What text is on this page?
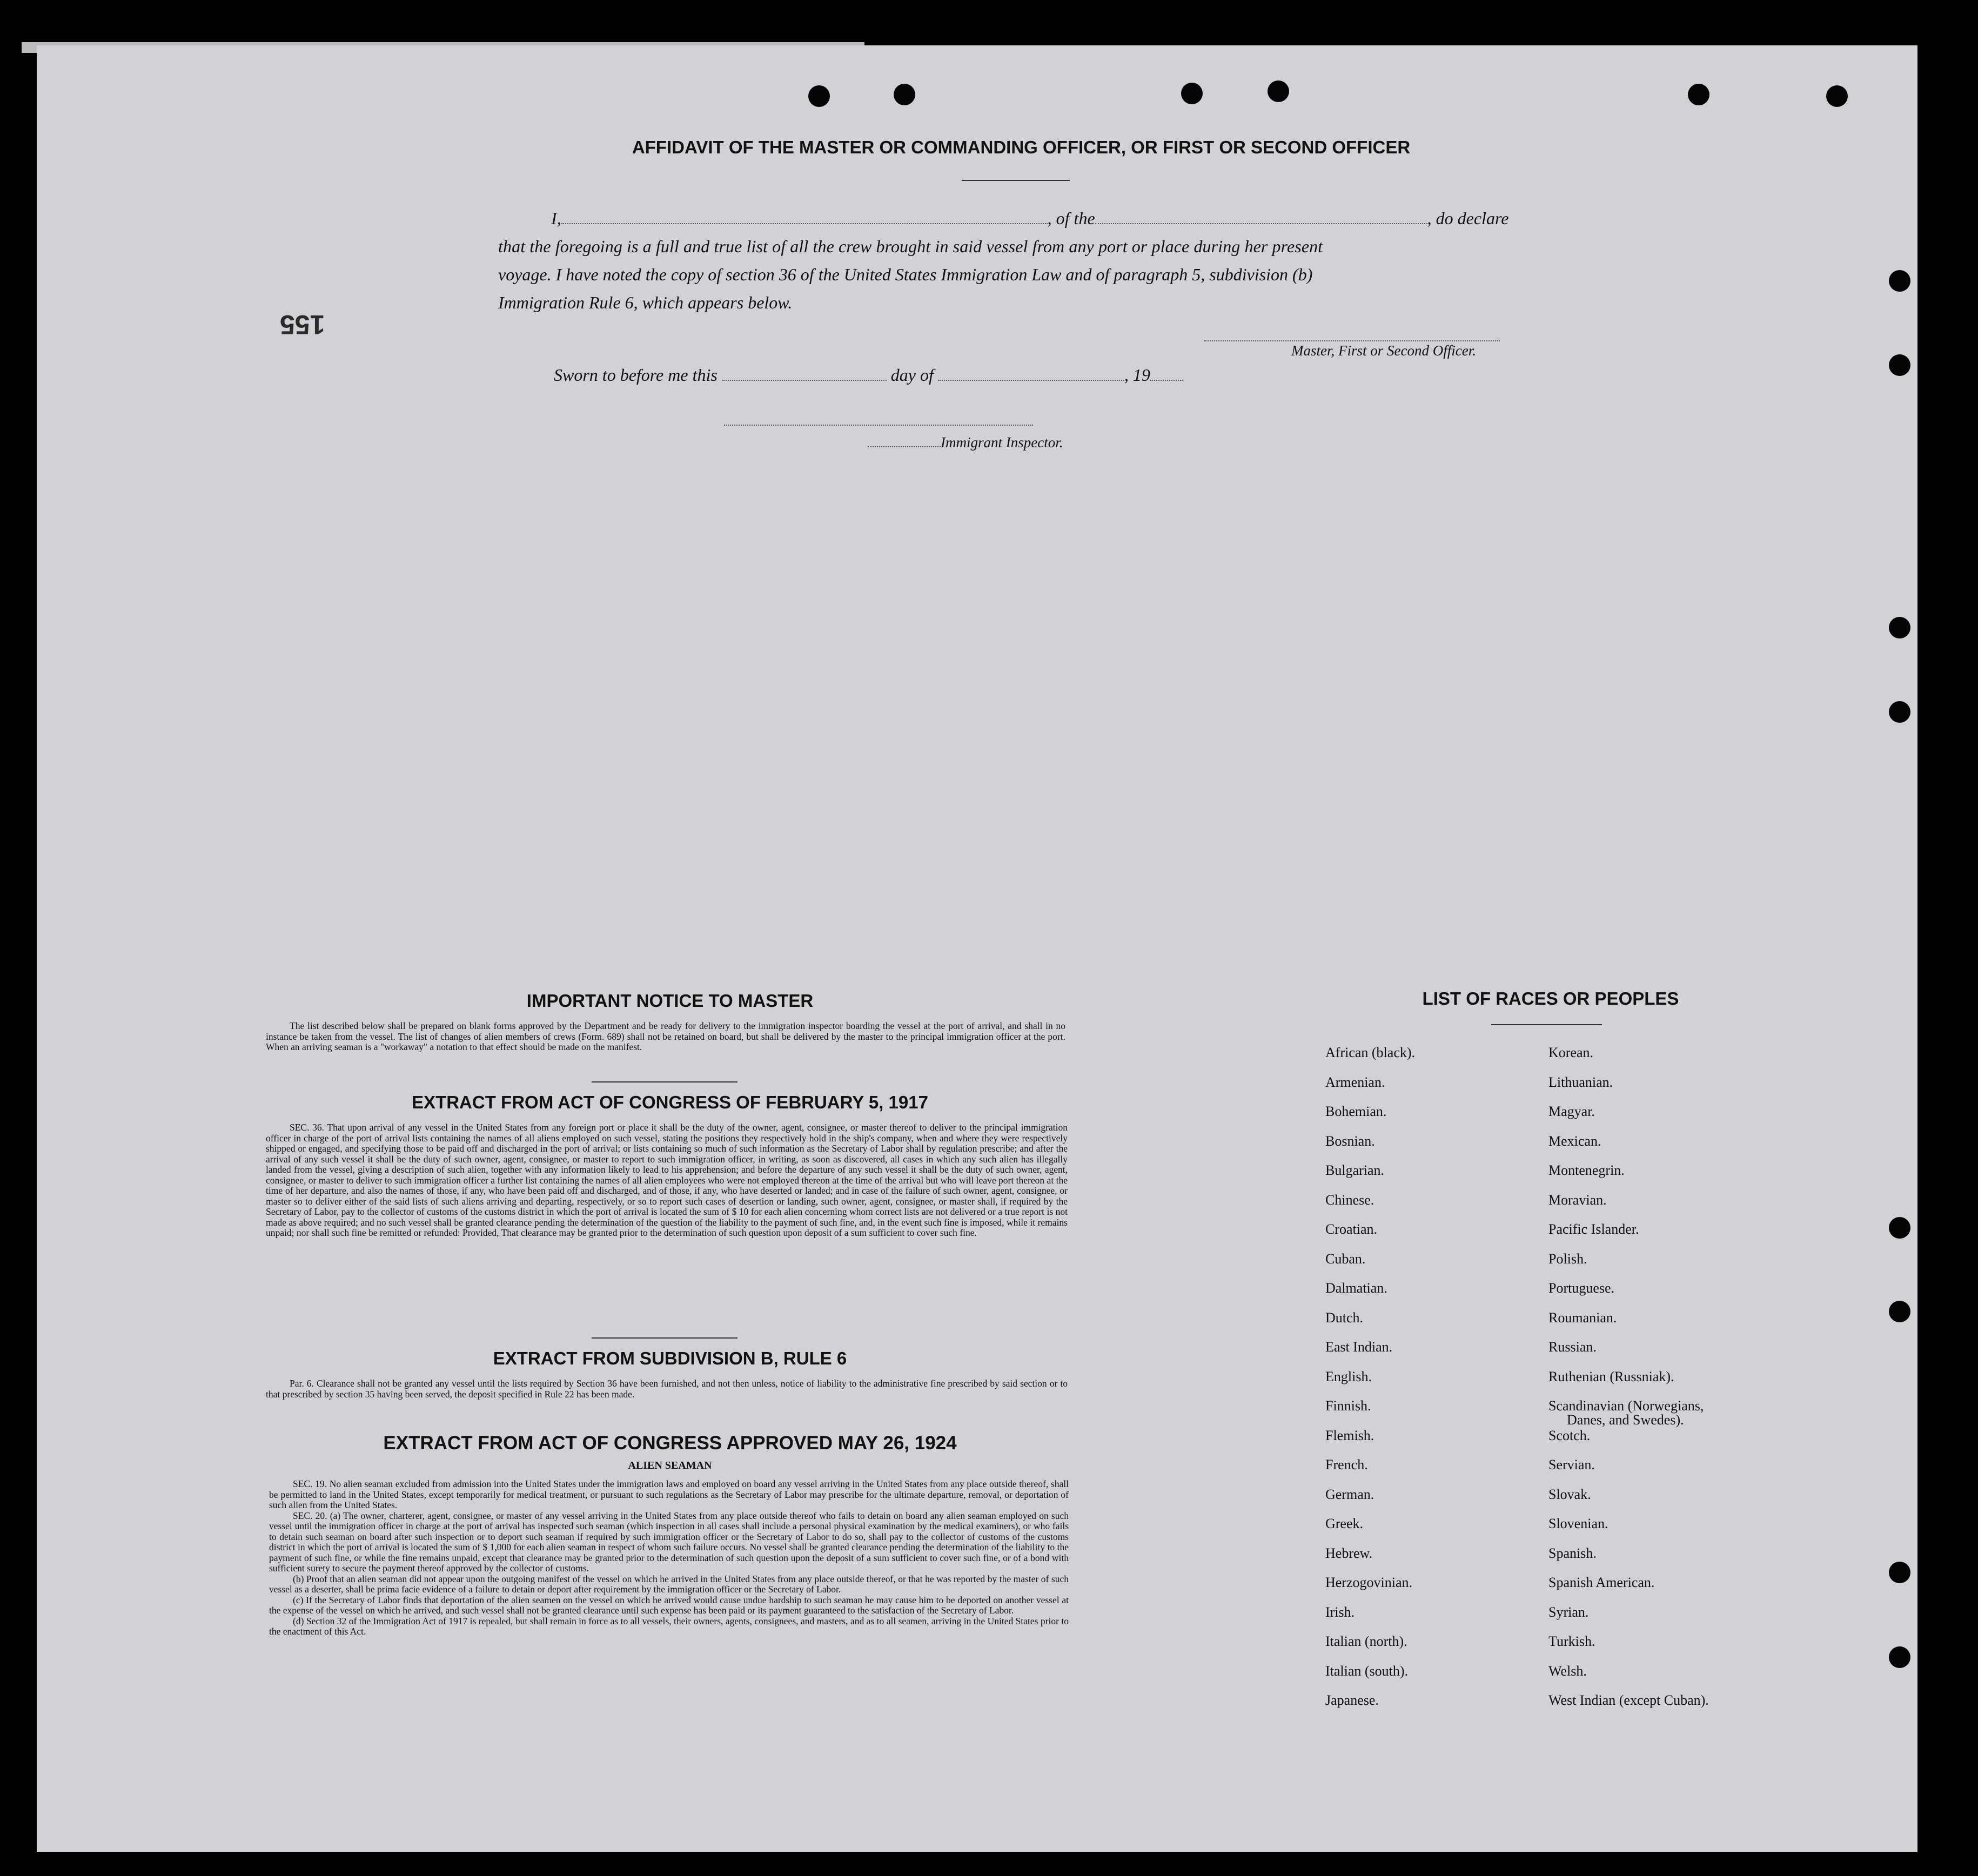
155
AFFIDAVIT OF THE MASTER OR COMMANDING OFFICER, OR FIRST OR SECOND OFFICER
I,	, of the	, do declare
that the foregoing is a full and true list of all the crew brought in said vessel from any port or place during her present
voyage. I have noted the copy of section 36 of the United States Immigration Law and of paragraph 5, subdivision (b)
Immigration Rule 6, which appears below.
Master, First or Second Officer.
Sworn to before me this	day of	, 19
Immigrant Inspector.
IMPORTANT NOTICE TO MASTER

The list described below shall be prepared on blank forms approved by the Department and be ready for delivery to the immigration inspector boarding the vessel at the port of arrival, and shall in no instance be taken from the vessel. The list of changes of alien members of crews (Form. 689) shall not be retained on board, but shall be delivered by the master to the principal immigration officer at the port. When an arriving seaman is a "workaway" a notation to that effect should be made on the manifest.

EXTRACT FROM ACT OF CONGRESS OF FEBRUARY 5, 1917

SEC. 36. That upon arrival of any vessel in the United States from any foreign port or place it shall be the duty of the owner, agent, consignee, or master thereof to deliver to the principal immigration officer in charge of the port of arrival lists containing the names of all aliens employed on such vessel, stating the positions they respectively hold in the ship's company, when and where they were respectively shipped or engaged, and specifying those to be paid off and discharged in the port of arrival; or lists containing so much of such information as the Secretary of Labor shall by regulation prescribe; and after the arrival of any such vessel it shall be the duty of such owner, agent, consignee, or master to report to such immigration officer, in writing, as soon as discovered, all cases in which any such alien has illegally landed from the vessel, giving a description of such alien, together with any information likely to lead to his apprehension; and before the departure of any such vessel it shall be the duty of such owner, agent, consignee, or master to deliver to such immigration officer a further list containing the names of all alien employees who were not employed thereon at the time of the arrival but who will leave port thereon at the time of her departure, and also the names of those, if any, who have been paid off and discharged, and of those, if any, who have deserted or landed; and in case of the failure of such owner, agent, consignee, or master so to deliver either of the said lists of such aliens arriving and departing, respectively, or so to report such cases of desertion or landing, such owner, agent, consignee, or master shall, if required by the Secretary of Labor, pay to the collector of customs of the customs district in which the port of arrival is located the sum of $ 10 for each alien concerning whom correct lists are not delivered or a true report is not made as above required; and no such vessel shall be granted clearance pending the determination of the question of the liability to the payment of such fine, and, in the event such fine is imposed, while it remains unpaid; nor shall such fine be remitted or refunded: Provided, That clearance may be granted prior to the determination of such question upon deposit of a sum sufficient to cover such fine.

EXTRACT FROM SUBDIVISION B, RULE 6

Par. 6. Clearance shall not be granted any vessel until the lists required by Section 36 have been furnished, and not then unless, notice of liability to the administrative fine prescribed by said section or to that prescribed by section 35 having been served, the deposit specified in Rule 22 has been made.

EXTRACT FROM ACT OF CONGRESS APPROVED MAY 26, 1924
ALIEN SEAMAN

SEC. 19. No alien seaman excluded from admission into the United States under the immigration laws and employed on board any vessel arriving in the United States from any place outside thereof, shall be permitted to land in the United States, except temporarily for medical treatment, or pursuant to such regulations as the Secretary of Labor may prescribe for the ultimate departure, removal, or deportation of such alien from the United States.

SEC. 20. (a) The owner, charterer, agent, consignee, or master of any vessel arriving in the United States from any place outside thereof who fails to detain on board any alien seaman employed on such vessel until the immigration officer in charge at the port of arrival has inspected such seaman (which inspection in all cases shall include a personal physical examination by the medical examiners), or who fails to detain such seaman on board after such inspection or to deport such seaman if required by such immigration officer or the Secretary of Labor to do so, shall pay to the collector of customs of the customs district in which the port of arrival is located the sum of $ 1,000 for each alien seaman in respect of whom such failure occurs. No vessel shall be granted clearance pending the determination of the liability to the payment of such fine, or while the fine remains unpaid, except that clearance may be granted prior to the determination of such question upon the deposit of a sum sufficient to cover such fine, or of a bond with sufficient surety to secure the payment thereof approved by the collector of customs.

(b) Proof that an alien seaman did not appear upon the outgoing manifest of the vessel on which he arrived in the United States from any place outside thereof, or that he was reported by the master of such vessel as a deserter, shall be prima facie evidence of a failure to detain or deport after requirement by the immigration officer or the Secretary of Labor.

(c) If the Secretary of Labor finds that deportation of the alien seamen on the vessel on which he arrived would cause undue hardship to such seaman he may cause him to be deported on another vessel at the expense of the vessel on which he arrived, and such vessel shall not be granted clearance until such expense has been paid or its payment guaranteed to the satisfaction of the Secretary of Labor.

(d) Section 32 of the Immigration Act of 1917 is repealed, but shall remain in force as to all vessels, their owners, agents, consignees, and masters, and as to all seamen, arriving in the United States prior to the enactment of this Act.

LIST OF RACES OR PEOPLES
African (black).
Armenian.
Bohemian.
Bosnian.
Bulgarian.
Chinese.
Croatian.
Cuban.
Dalmatian.
Dutch.
East Indian.
English.
Finnish.
Flemish.
French.
German.
Greek.
Hebrew.
Herzogovinian.
Irish.
Italian (north).
Italian (south).
Japanese.
Korean.
Lithuanian.
Magyar.
Mexican.
Montenegrin.
Moravian.
Pacific Islander.
Polish.
Portuguese.
Roumanian.
Russian.
Ruthenian (Russniak).
Scandinavian (Norwegians,
Danes, and Swedes).
Scotch.
Servian.
Slovak.
Slovenian.
Spanish.
Spanish American.
Syrian.
Turkish.
Welsh.
West Indian (except Cuban).
